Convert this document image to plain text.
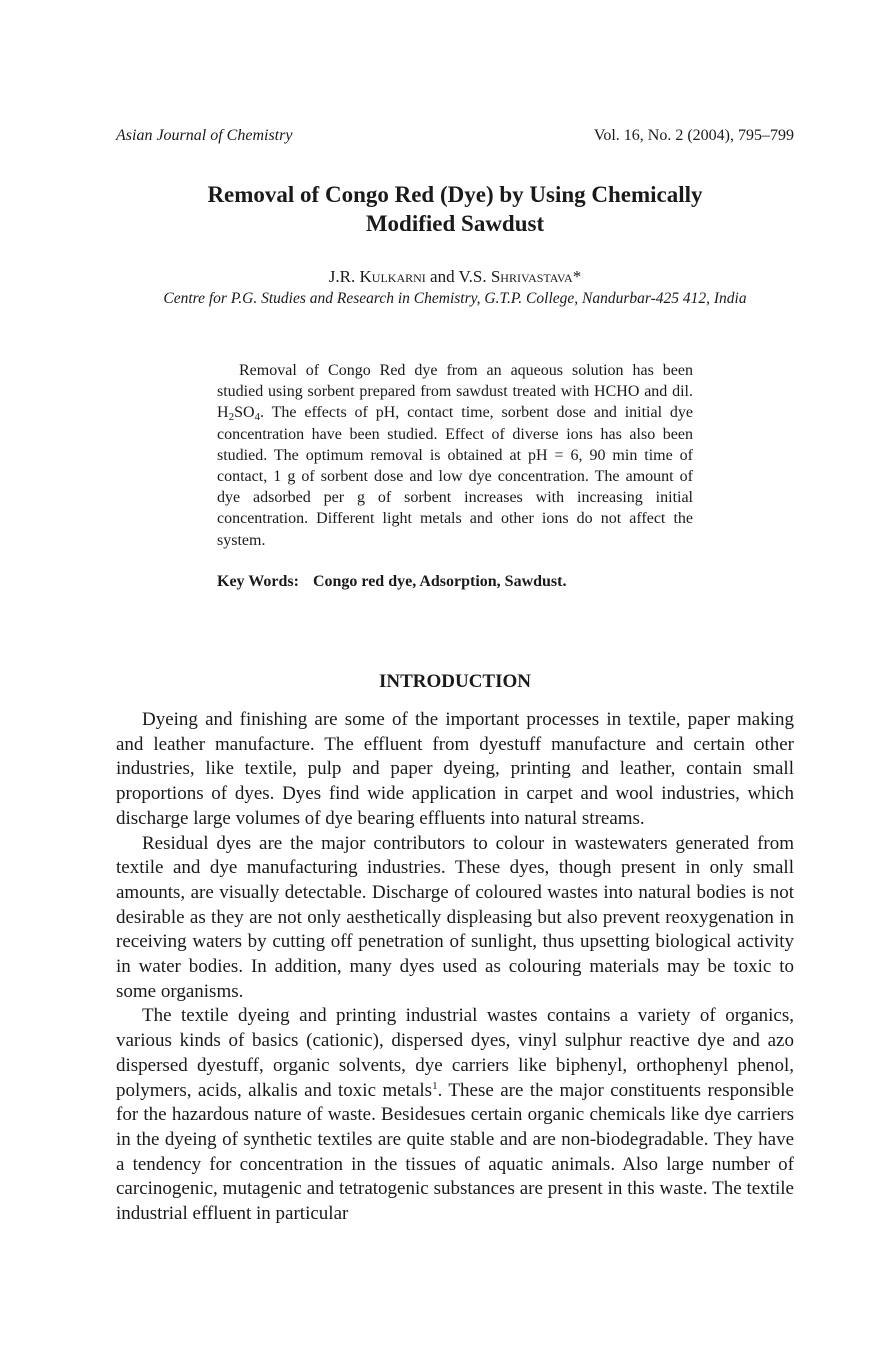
Asian Journal of Chemistry	Vol. 16, No. 2 (2004), 795–799
Removal of Congo Red (Dye) by Using Chemically
Modified Sawdust
J.R. Kulkarni and V.S. Shrivastava*
Centre for P.G. Studies and Research in Chemistry, G.T.P. College, Nandurbar-425 412, India

Removal of Congo Red dye from an aqueous solution has been studied using sorbent prepared from sawdust treated with HCHO and dil. $H_2SO_4$. The effects of pH, contact time, sorbent dose and initial dye concentration have been studied. Effect of diverse ions has also been studied. The optimum removal is obtained at pH = 6, 90 min time of contact, 1 g of sorbent dose and low dye concentration. The amount of dye adsorbed per g of sorbent increases with increasing initial concentration. Different light metals and other ions do not affect the system.

Key Words: Congo red dye, Adsorption, Sawdust.
INTRODUCTION

Dyeing and finishing are some of the important processes in textile, paper making and leather manufacture. The effluent from dyestuff manufacture and certain other industries, like textile, pulp and paper dyeing, printing and leather, contain small proportions of dyes. Dyes find wide application in carpet and wool industries, which discharge large volumes of dye bearing effluents into natural streams.

Residual dyes are the major contributors to colour in wastewaters generated from textile and dye manufacturing industries. These dyes, though present in only small amounts, are visually detectable. Discharge of coloured wastes into natural bodies is not desirable as they are not only aesthetically displeasing but also prevent reoxygenation in receiving waters by cutting off penetration of sunlight, thus upsetting biological activity in water bodies. In addition, many dyes used as colouring materials may be toxic to some organisms.

The textile dyeing and printing industrial wastes contains a variety of organics, various kinds of basics (cationic), dispersed dyes, vinyl sulphur reactive dye and azo dispersed dyestuff, organic solvents, dye carriers like biphenyl, orthophenyl phenol, polymers, acids, alkalis and toxic metals$^1$. These are the major constituents responsible for the hazardous nature of waste. Besidesues certain organic chemicals like dye carriers in the dyeing of synthetic textiles are quite stable and are non-biodegradable. They have a tendency for concentration in the tissues of aquatic animals. Also large number of carcinogenic, mutagenic and tetratogenic substances are present in this waste. The textile industrial effluent in particular
